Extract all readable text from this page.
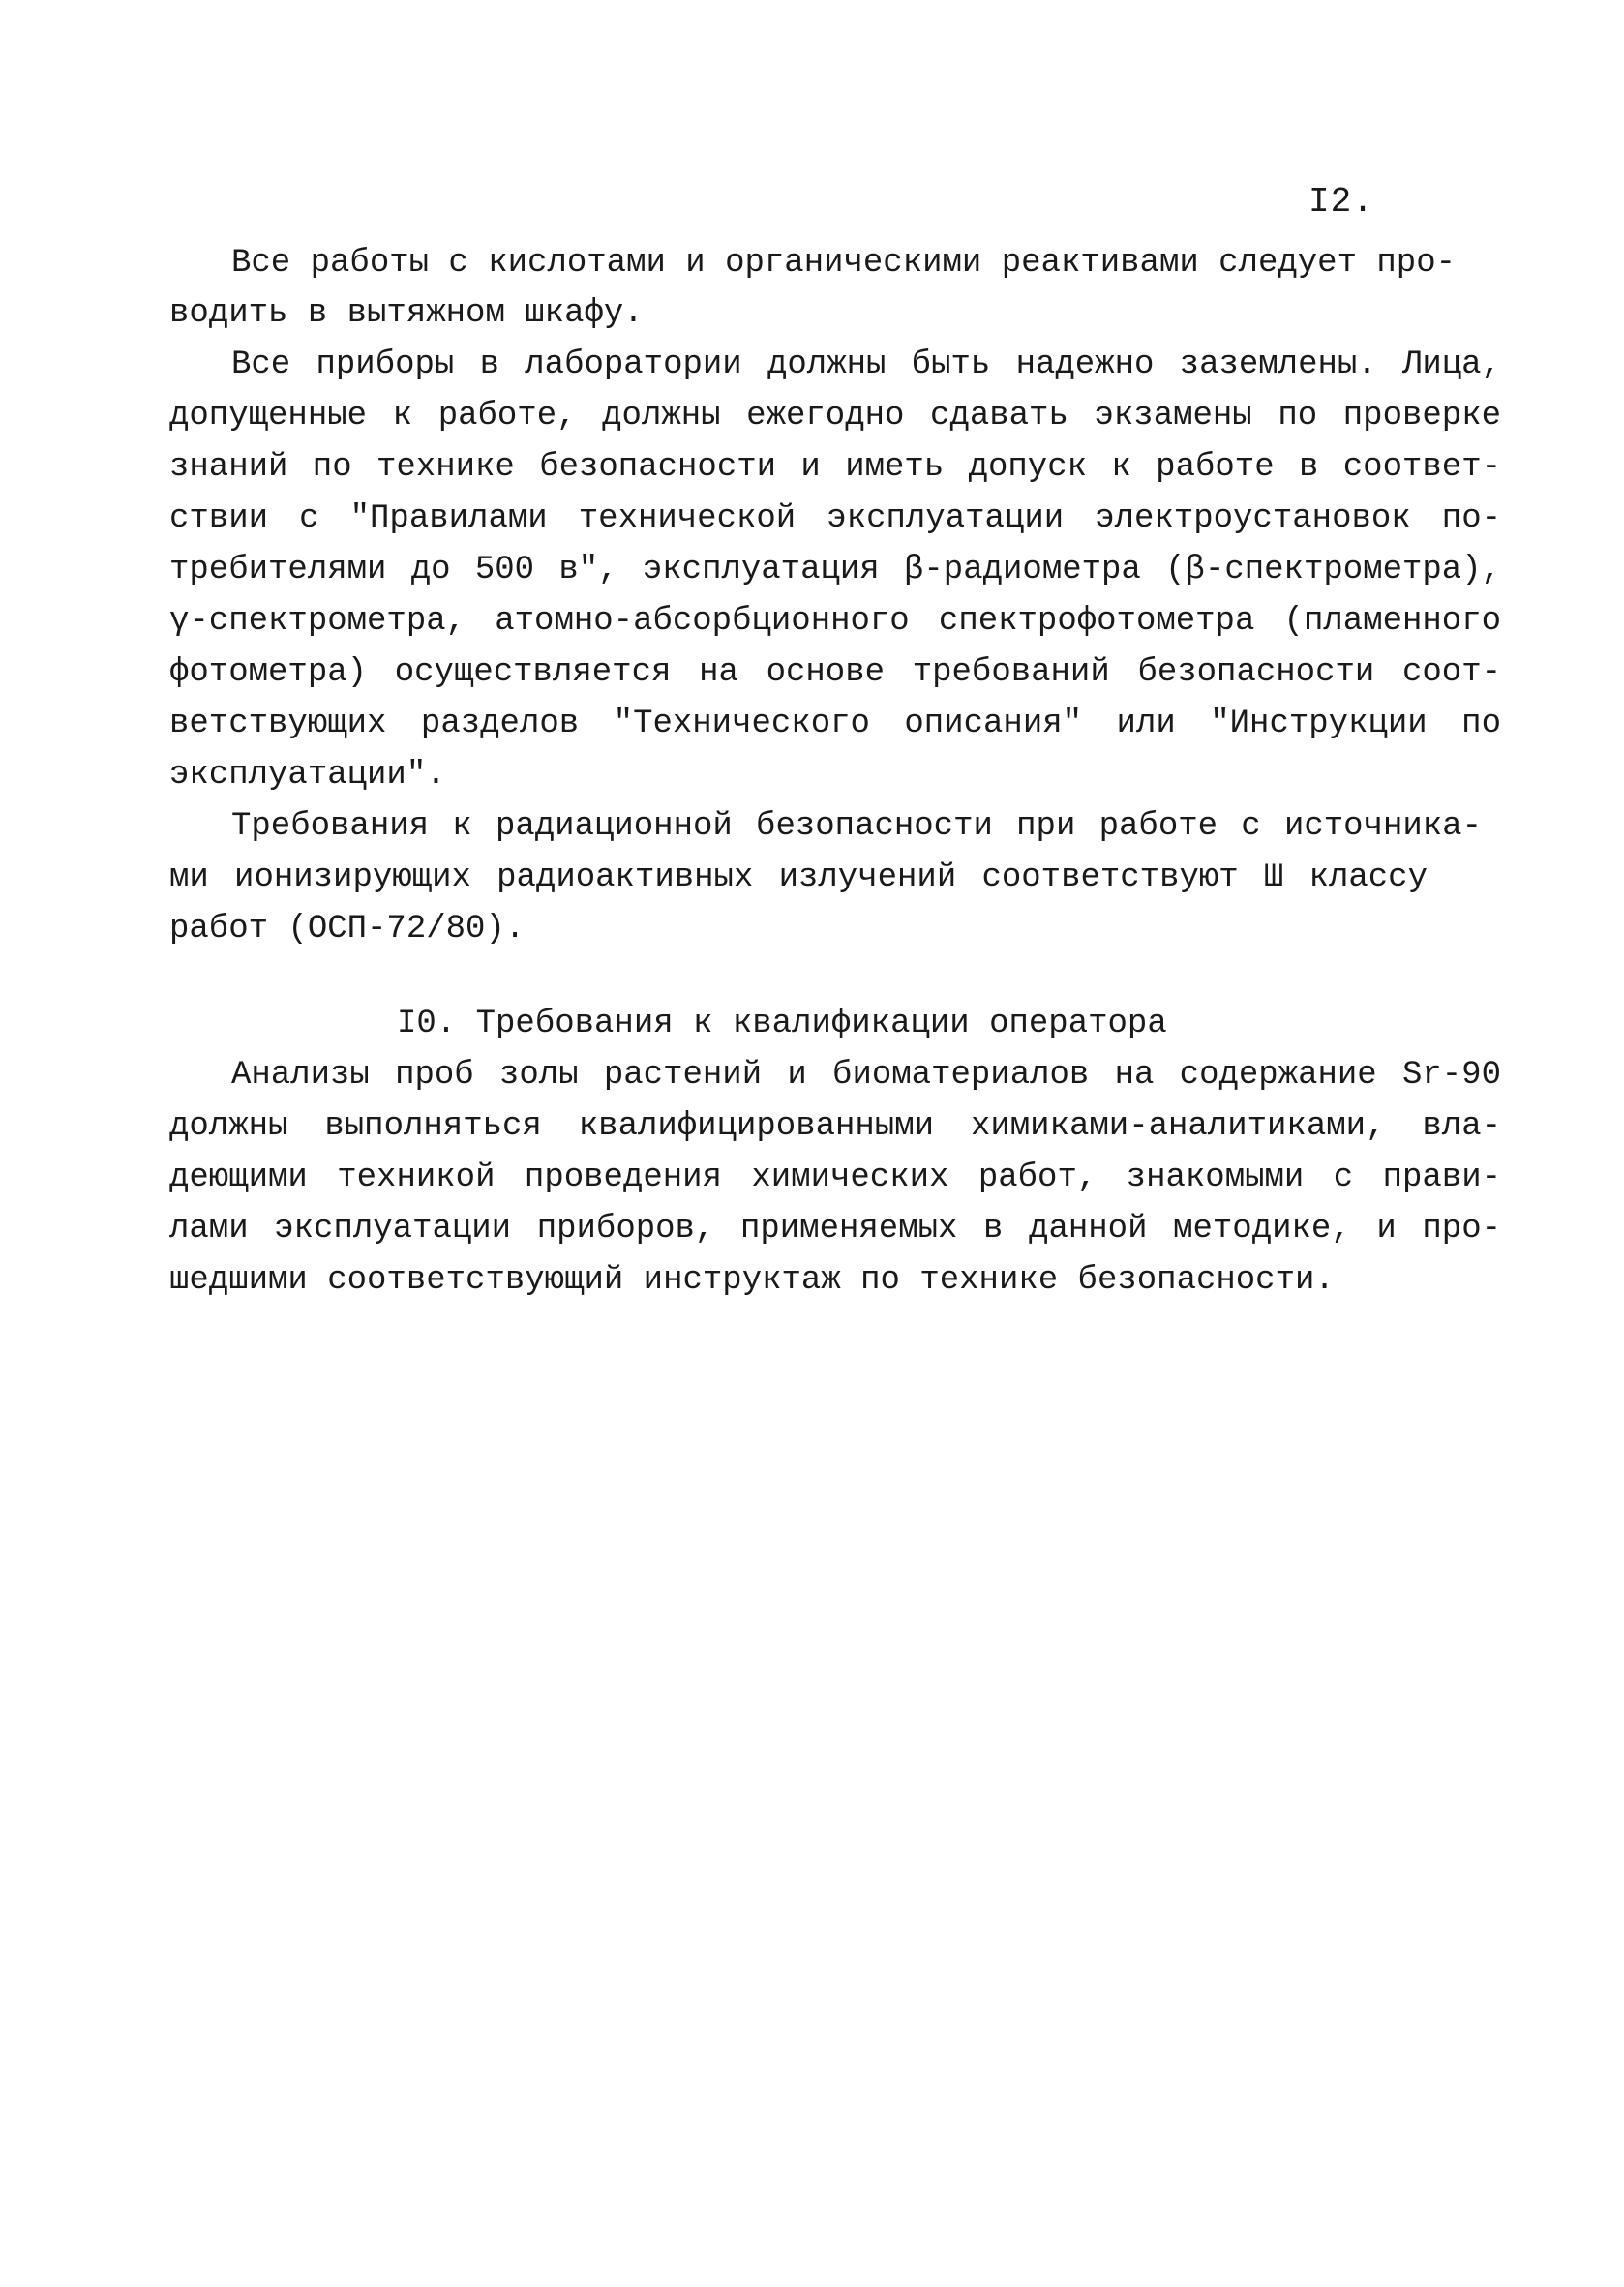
I2.
Все работы с кислотами и органическими реактивами следует про-
водить в вытяжном шкафу.
Все приборы в лаборатории должны быть надежно заземлены. Лица,
допущенные к работе, должны ежегодно сдавать экзамены по проверке
знаний по технике безопасности и иметь допуск к работе в соответ-
ствии с "Правилами технической эксплуатации электроустановок по-
требителями до 500 в", эксплуатация β-радиометра (β-спектрометра),
γ-спектрометра, атомно-абсорбционного спектрофотометра (пламенного
фотометра) осуществляется на основе требований безопасности соот-
ветствующих разделов "Технического описания" или "Инструкции по
эксплуатации".
Требования к радиационной безопасности при работе с источника-
ми ионизирующих радиоактивных излучений соответствуют Ш классу
работ (ОСП-72/80).
I0. Требования к квалификации оператора
Анализы проб золы растений и биоматериалов на содержание Sr-90
должны выполняться квалифицированными химиками-аналитиками, вла-
деющими техникой проведения химических работ, знакомыми с прави-
лами эксплуатации приборов, применяемых в данной методике, и про-
шедшими соответствующий инструктаж по технике безопасности.
